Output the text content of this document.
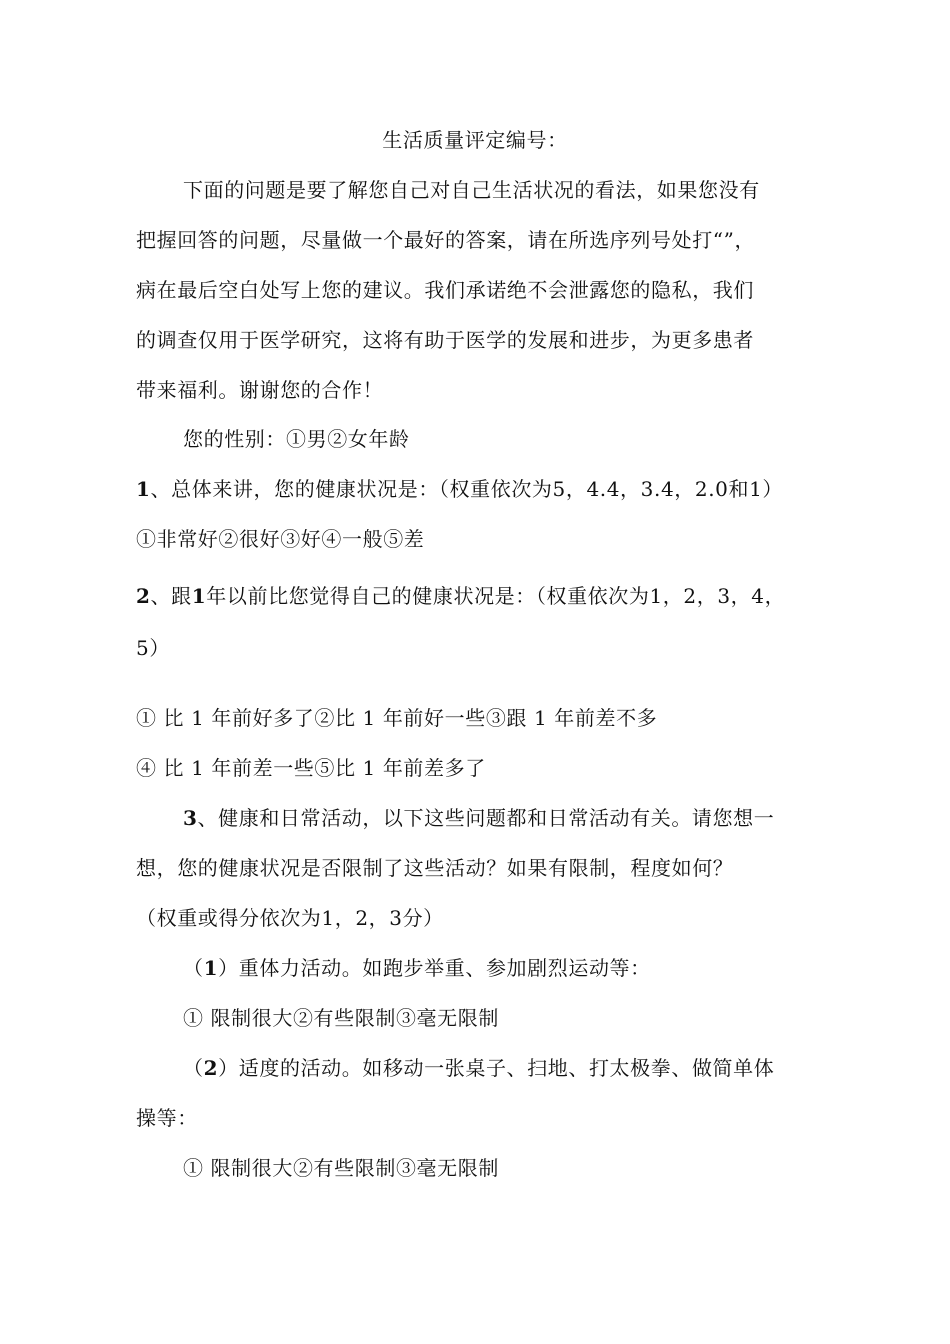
生活质量评定编号：
下面的问题是要了解您自己对自己生活状况的看法，如果您没有
把握回答的问题，尽量做一个最好的答案，请在所选序列号处打“”，
病在最后空白处写上您的建议。我们承诺绝不会泄露您的隐私，我们
的调查仅用于医学研究，这将有助于医学的发展和进步，为更多患者
带来福利。谢谢您的合作！
您的性别：①男②女年龄
1、总体来讲，您的健康状况是：（权重依次为5，4.4，3.4，2.0和1）
①非常好②很好③好④一般⑤差
2、跟1年以前比您觉得自己的健康状况是：（权重依次为1，2，3，4，
5）
① 比 1 年前好多了②比 1 年前好一些③跟 1 年前差不多
④ 比 1 年前差一些⑤比 1 年前差多了
3、健康和日常活动，以下这些问题都和日常活动有关。请您想一
想，您的健康状况是否限制了这些活动？如果有限制，程度如何？
（权重或得分依次为1，2，3分）
（1）重体力活动。如跑步举重、参加剧烈运动等：
① 限制很大②有些限制③毫无限制
（2）适度的活动。如移动一张桌子、扫地、打太极拳、做简单体
操等：
① 限制很大②有些限制③毫无限制
